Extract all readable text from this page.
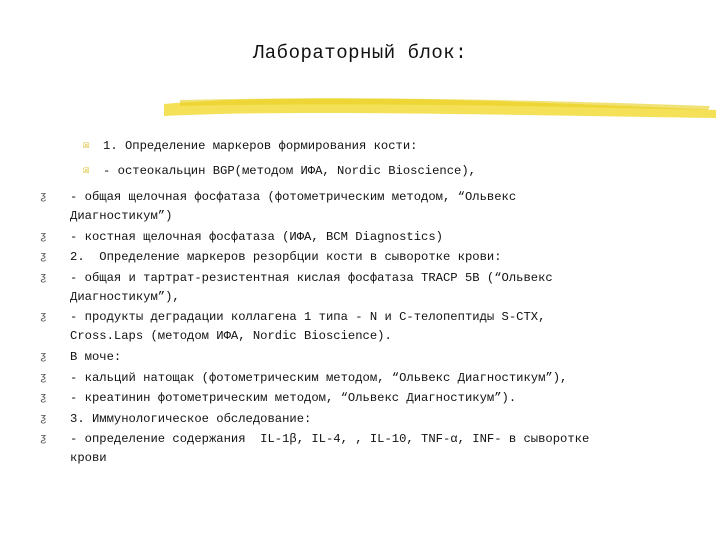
Лабораторный блок:
☒ 1. Определение маркеров формирования кости:
☒ - остеокальцин BGP(методом ИФА, Nordic Bioscience),
ƺ - общая щелочная фосфатаза (фотометрическим методом, “Ольвекс
Диагностикум”)
ƺ - костная щелочная фосфатаза (ИФА, BCM Diagnostics)
ƺ 2.  Определение маркеров резорбции кости в сыворотке крови:
ƺ - общая и тартрат-резистентная кислая фосфатаза TRACP 5B (“Ольвекс
Диагностикум”),
ƺ - продукты деградации коллагена 1 типа - N и C-телопептиды S-CTX,
Cross.Laps (методом ИФА, Nordic Bioscience).
ƺ В моче:
ƺ - кальций натощак (фотометрическим методом, “Ольвекс Диагностикум”),
ƺ - креатинин фотометрическим методом, “Ольвекс Диагностикум”).
ƺ 3. Иммунологическое обследование:
ƺ - определение содержания  IL-1β, IL-4, , IL-10, TNF-α, INF- в сыворотке
крови
